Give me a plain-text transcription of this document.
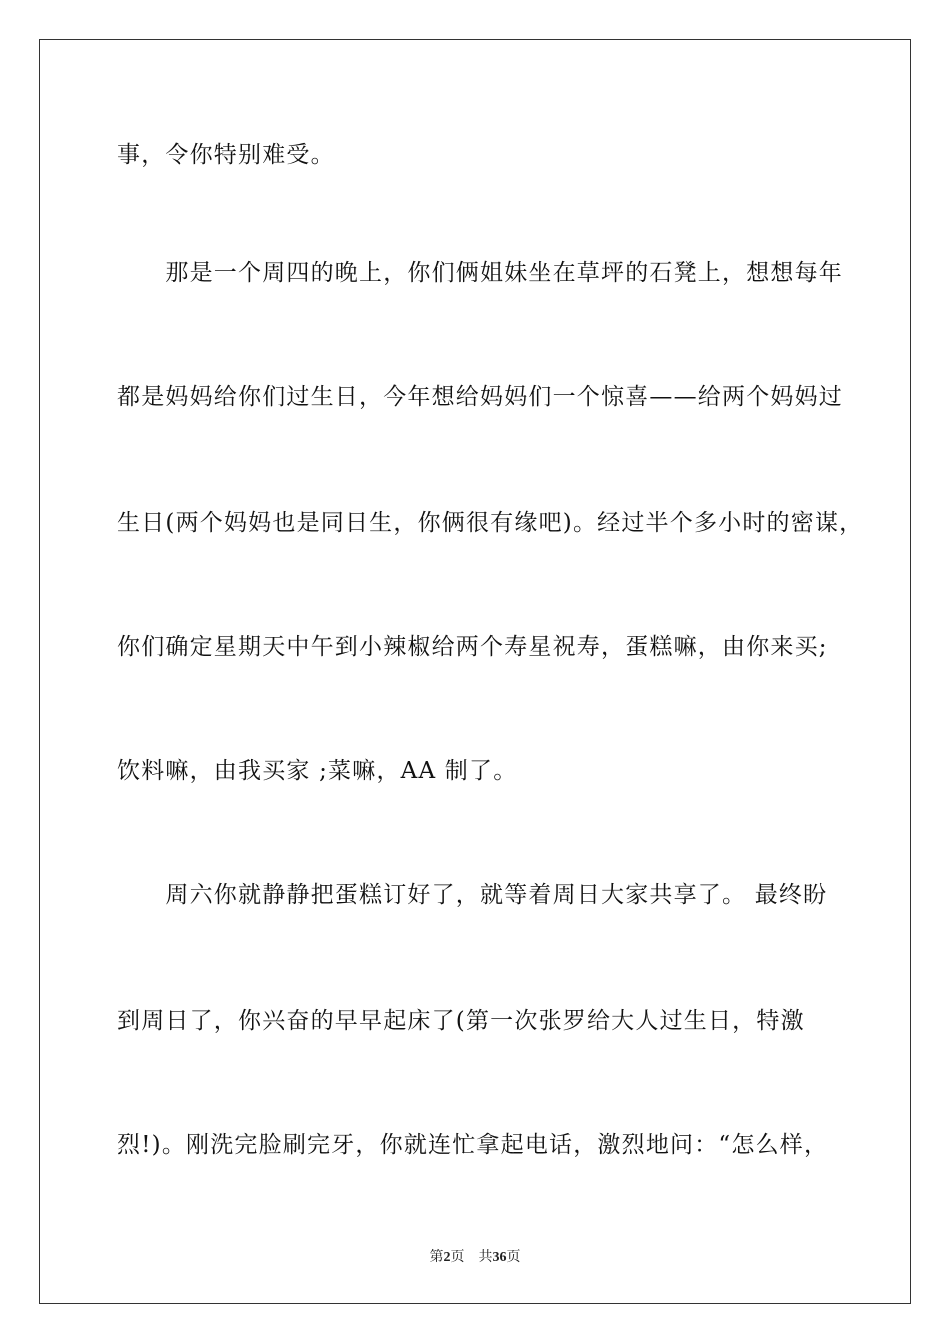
事，令你特别难受。
　　那是一个周四的晚上，你们俩姐妹坐在草坪的石凳上，想想每年
都是妈妈给你们过生日，今年想给妈妈们一个惊喜——给两个妈妈过
生日(两个妈妈也是同日生，你俩很有缘吧)。经过半个多小时的密谋，
你们确定星期天中午到小辣椒给两个寿星祝寿，蛋糕嘛，由你来买;
饮料嘛，由我买家 ;菜嘛，AA 制了。
　　周六你就静静把蛋糕订好了，就等着周日大家共享了。 最终盼
到周日了，你兴奋的早早起床了(第一次张罗给大人过生日，特激
烈!)。刚洗完脸刷完牙，你就连忙拿起电话，激烈地问：“怎么样，
第2页 共36页
